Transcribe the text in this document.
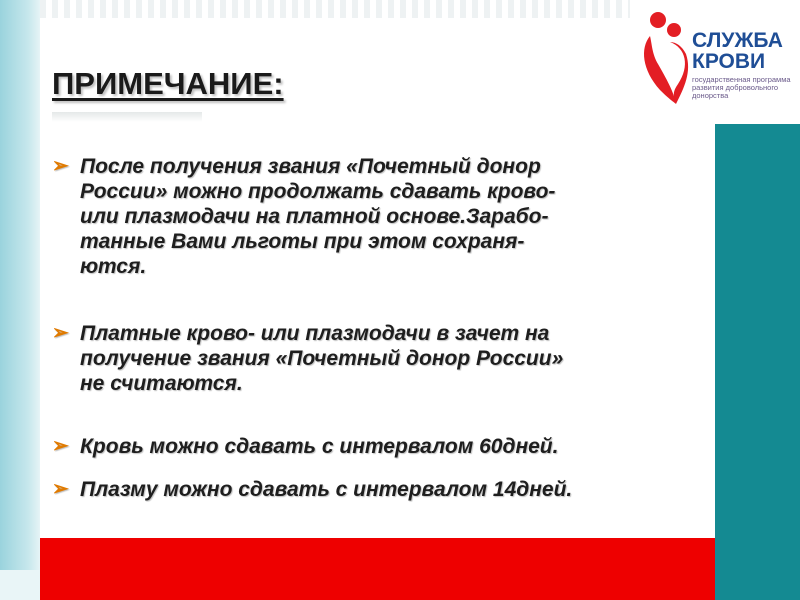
СЛУЖБА
КРОВИ
государственная программа развития добровольного донорства
ПРИМЕЧАНИЕ:
➢ После получения звания «Почетный донор
России» можно продолжать сдавать крово-
или плазмодачи на платной основе.Зарабо-
танные Вами льготы при этом сохраня-
ются.
➢ Платные крово- или плазмодачи в зачет на
получение звания «Почетный донор России»
не считаются.
➢ Кровь можно сдавать с интервалом 60дней.
➢ Плазму можно сдавать с интервалом 14дней.
